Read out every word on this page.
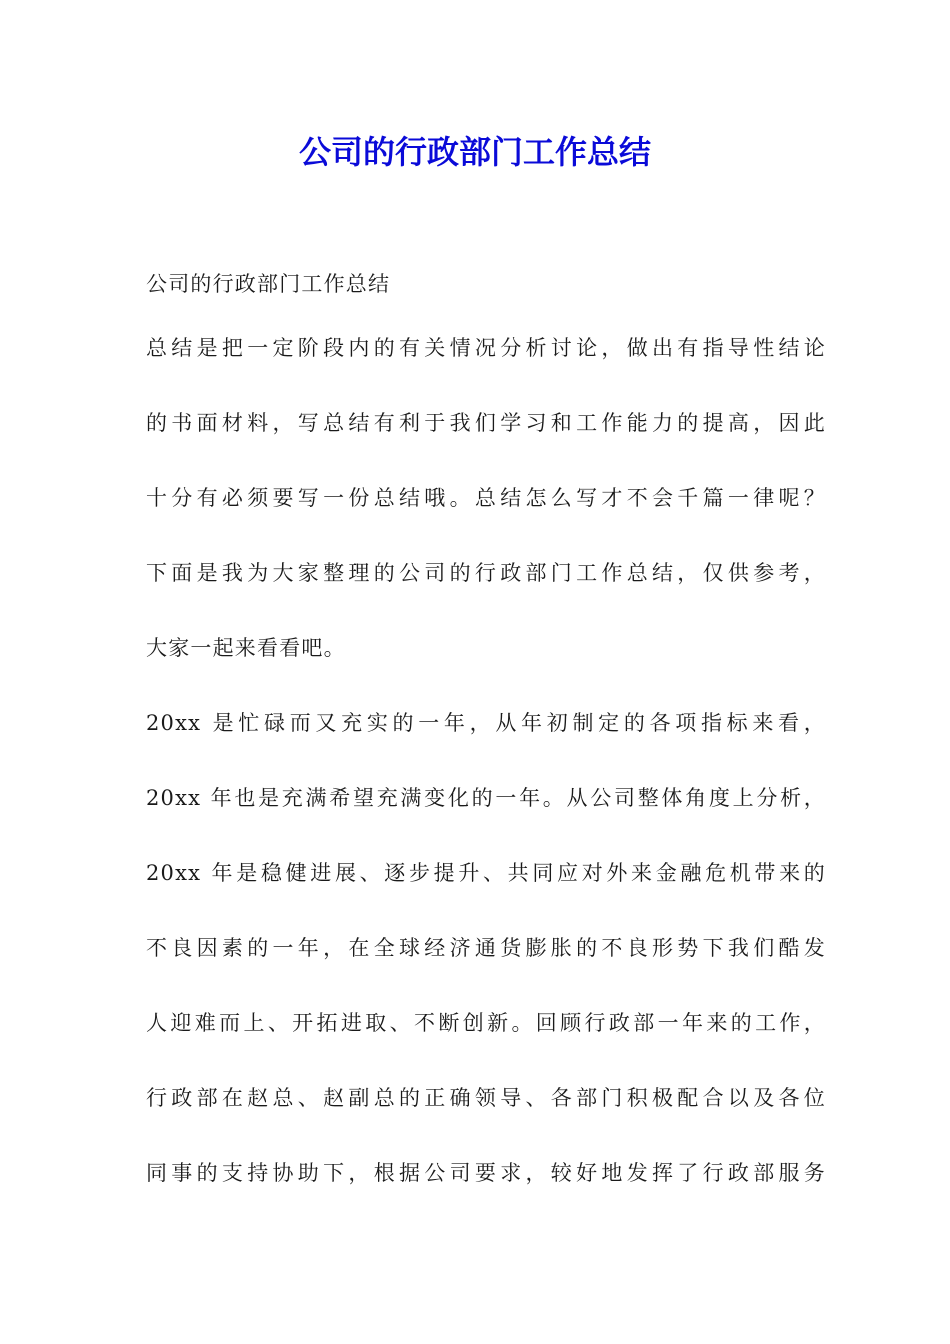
公司的行政部门工作总结
公司的行政部门工作总结
总结是把一定阶段内的有关情况分析讨论，做出有指导性结论
的书面材料，写总结有利于我们学习和工作能力的提高，因此
十分有必须要写一份总结哦。总结怎么写才不会千篇一律呢？
下面是我为大家整理的公司的行政部门工作总结，仅供参考，
大家一起来看看吧。
20xx 是忙碌而又充实的一年，从年初制定的各项指标来看，
20xx 年也是充满希望充满变化的一年。从公司整体角度上分析，
20xx 年是稳健进展、逐步提升、共同应对外来金融危机带来的
不良因素的一年，在全球经济通货膨胀的不良形势下我们酷发
人迎难而上、开拓进取、不断创新。回顾行政部一年来的工作，
行政部在赵总、赵副总的正确领导、各部门积极配合以及各位
同事的支持协助下，根据公司要求，较好地发挥了行政部服务
